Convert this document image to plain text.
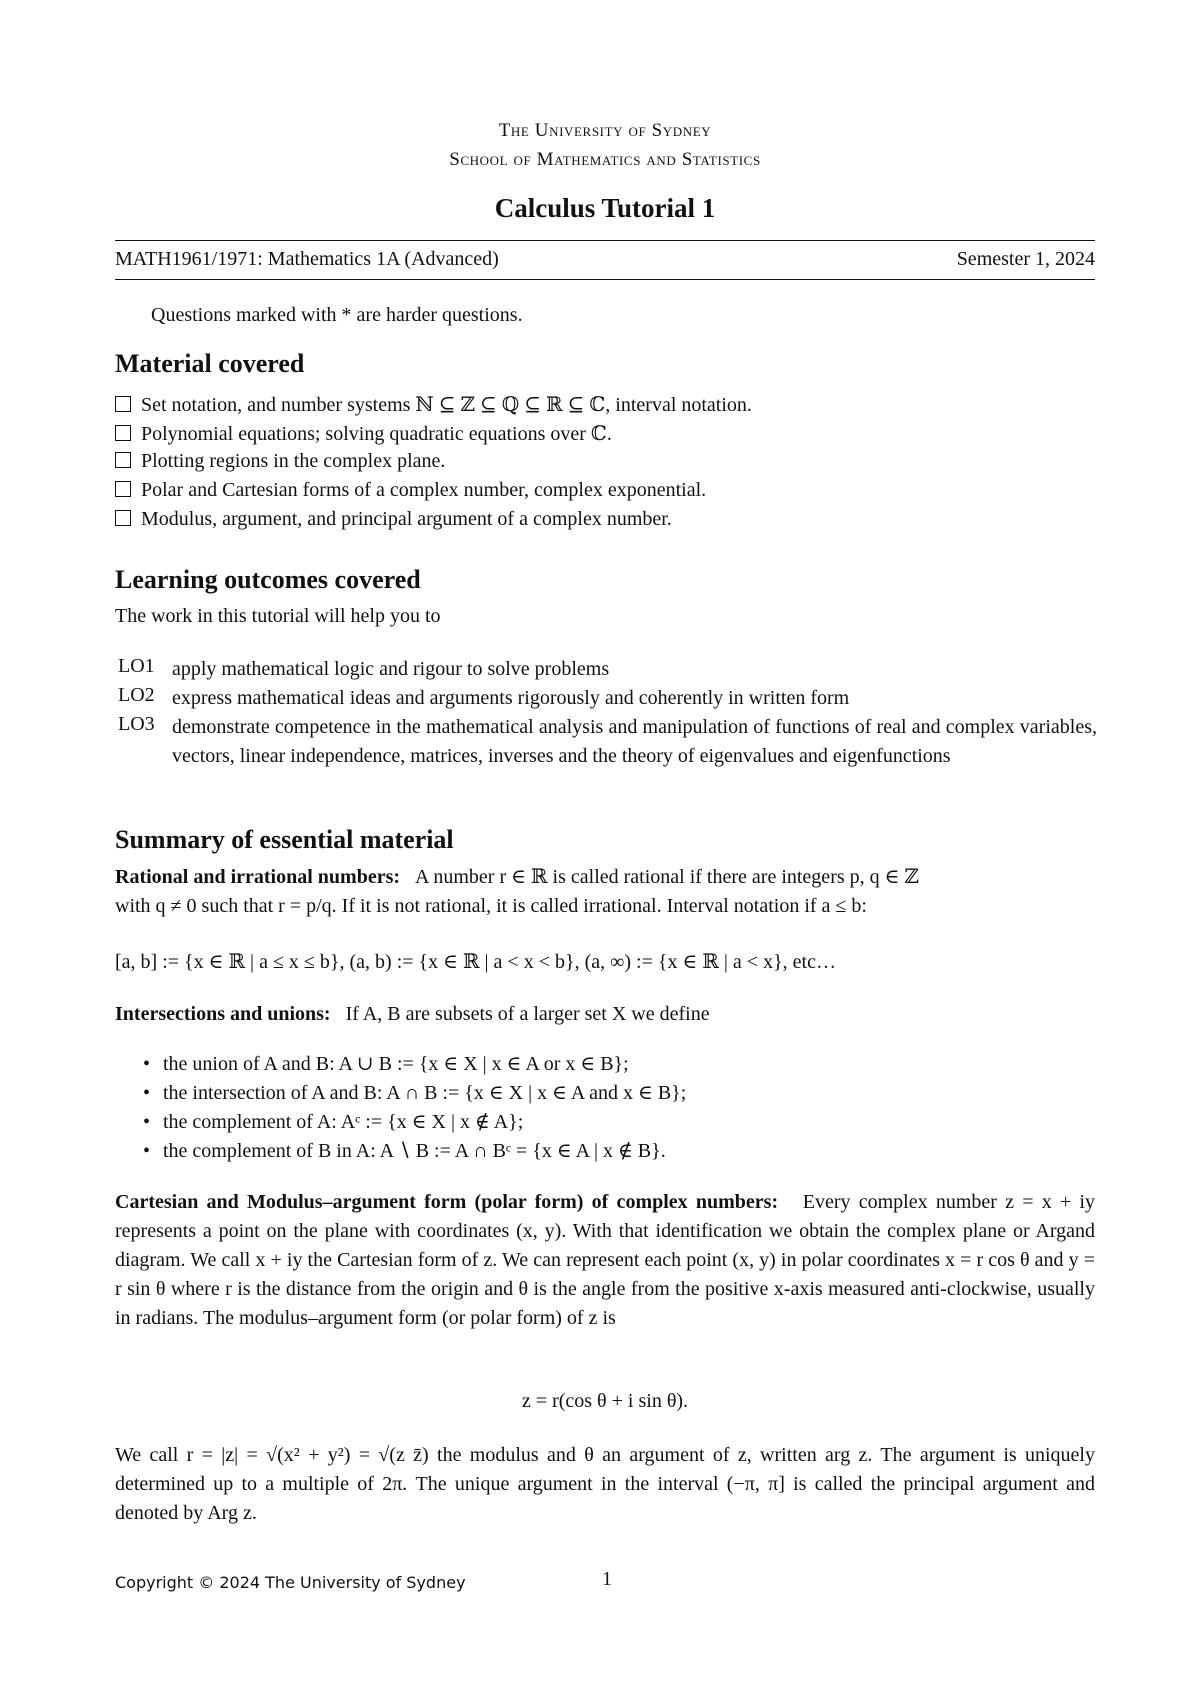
The University of Sydney
School of Mathematics and Statistics
Calculus Tutorial 1
MATH1961/1971: Mathematics 1A (Advanced)	Semester 1, 2024
Questions marked with * are harder questions.
Material covered
Set notation, and number systems ℕ ⊆ ℤ ⊆ ℚ ⊆ ℝ ⊆ ℂ, interval notation.
Polynomial equations; solving quadratic equations over ℂ.
Plotting regions in the complex plane.
Polar and Cartesian forms of a complex number, complex exponential.
Modulus, argument, and principal argument of a complex number.
Learning outcomes covered
The work in this tutorial will help you to
LO1 apply mathematical logic and rigour to solve problems
LO2 express mathematical ideas and arguments rigorously and coherently in written form
LO3 demonstrate competence in the mathematical analysis and manipulation of functions of real and complex variables, vectors, linear independence, matrices, inverses and the theory of eigenvalues and eigenfunctions
Summary of essential material
Rational and irrational numbers: A number r ∈ ℝ is called rational if there are integers p, q ∈ ℤ
with q ≠ 0 such that r = p/q. If it is not rational, it is called irrational. Interval notation if a ≤ b:
[a, b] := {x ∈ ℝ | a ≤ x ≤ b}, (a, b) := {x ∈ ℝ | a < x < b}, (a, ∞) := {x ∈ ℝ | a < x}, etc…
Intersections and unions: If A, B are subsets of a larger set X we define
• the union of A and B: A ∪ B := {x ∈ X | x ∈ A or x ∈ B};
• the intersection of A and B: A ∩ B := {x ∈ X | x ∈ A and x ∈ B};
• the complement of A: Aᶜ := {x ∈ X | x ∉ A};
• the complement of B in A: A ∖ B := A ∩ Bᶜ = {x ∈ A | x ∉ B}.
Cartesian and Modulus–argument form (polar form) of complex numbers: Every complex number z = x + iy represents a point on the plane with coordinates (x, y). With that identification we obtain the complex plane or Argand diagram. We call x + iy the Cartesian form of z. We can represent each point (x, y) in polar coordinates x = r cos θ and y = r sin θ where r is the distance from the origin and θ is the angle from the positive x-axis measured anti-clockwise, usually in radians. The modulus–argument form (or polar form) of z is
z = r(cos θ + i sin θ).
We call r = |z| = √(x² + y²) = √(z z̄) the modulus and θ an argument of z, written arg z. The argument is uniquely determined up to a multiple of 2π. The unique argument in the interval (−π, π] is called the principal argument and denoted by Arg z.
Copyright © 2024 The University of Sydney	1
